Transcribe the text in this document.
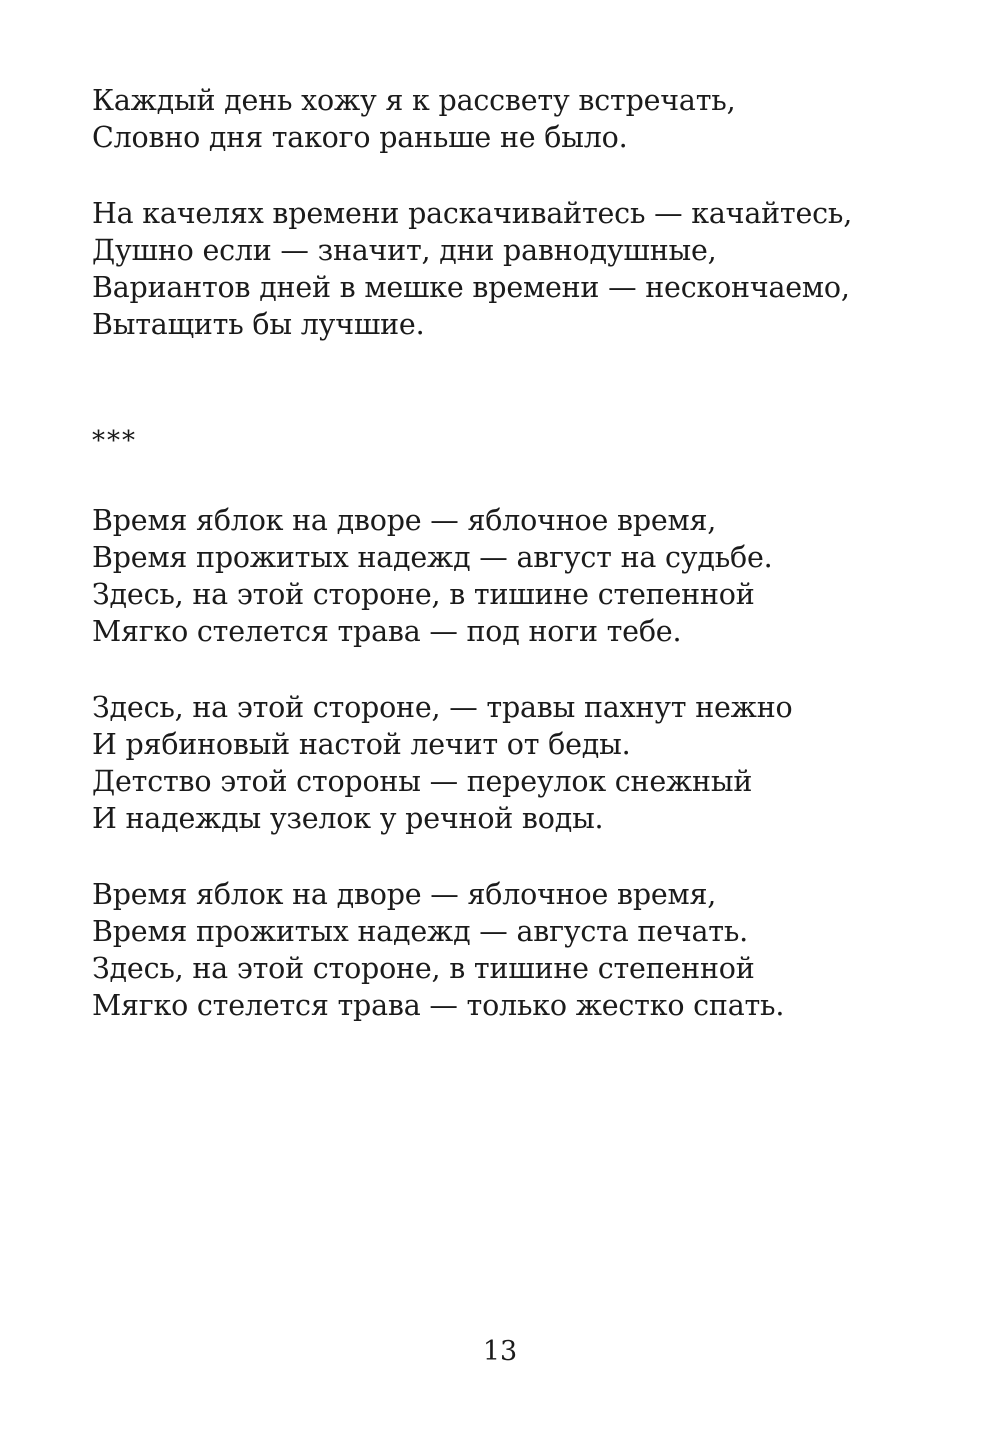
Каждый день хожу я к рассвету встречать,
Словно дня такого раньше не было.
На качелях времени раскачивайтесь — качайтесь,
Душно если — значит, дни равнодушные,
Вариантов дней в мешке времени — нескончаемо,
Вытащить бы лучшие.
***
Время яблок на дворе — яблочное время,
Время прожитых надежд — август на судьбе.
Здесь, на этой стороне, в тишине степенной
Мягко стелется трава — под ноги тебе.
Здесь, на этой стороне, — травы пахнут нежно
И рябиновый настой лечит от беды.
Детство этой стороны — переулок снежный
И надежды узелок у речной воды.
Время яблок на дворе — яблочное время,
Время прожитых надежд — августа печать.
Здесь, на этой стороне, в тишине степенной
Мягко стелется трава — только жестко спать.
13
